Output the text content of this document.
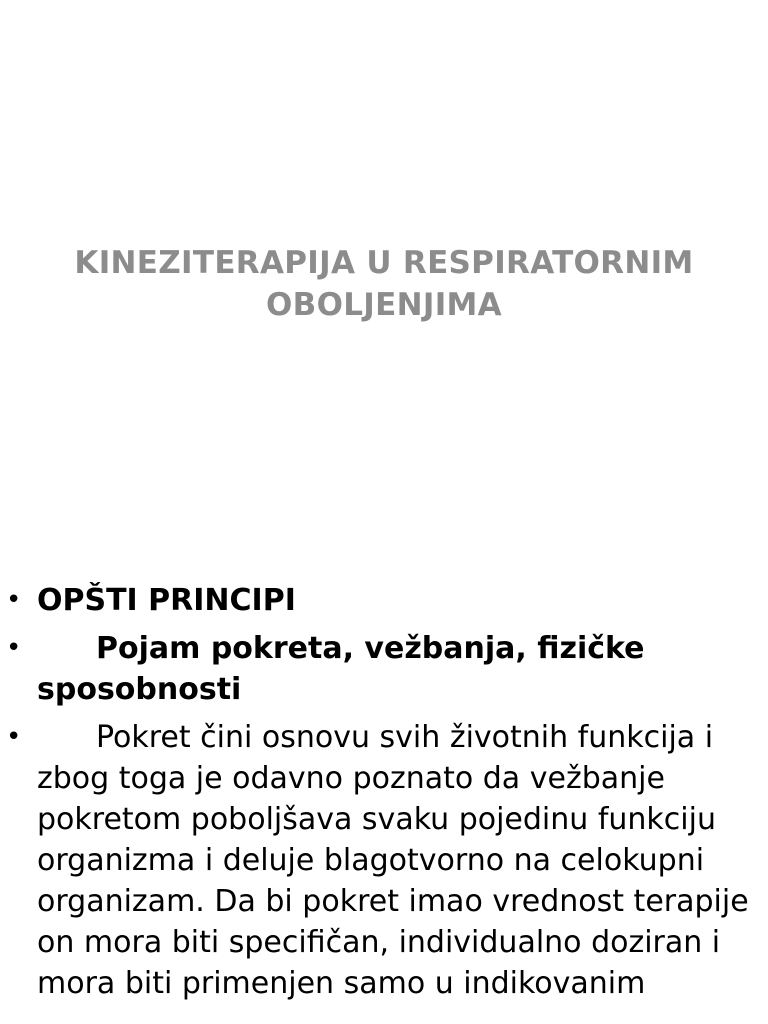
KINEZITERAPIJA U RESPIRATORNIM
OBOLJENJIMA
• OPŠTI PRINCIPI
• Pojam pokreta, vežbanja, fizičke sposobnosti
• Pokret čini osnovu svih životnih funkcija i zbog toga je odavno poznato da vežbanje pokretom poboljšava svaku pojedinu funkciju organizma i deluje blagotvorno na celokupni organizam. Da bi pokret imao vrednost terapije on mora biti specifičan, individualno doziran i mora biti primenjen samo u indikovanim
